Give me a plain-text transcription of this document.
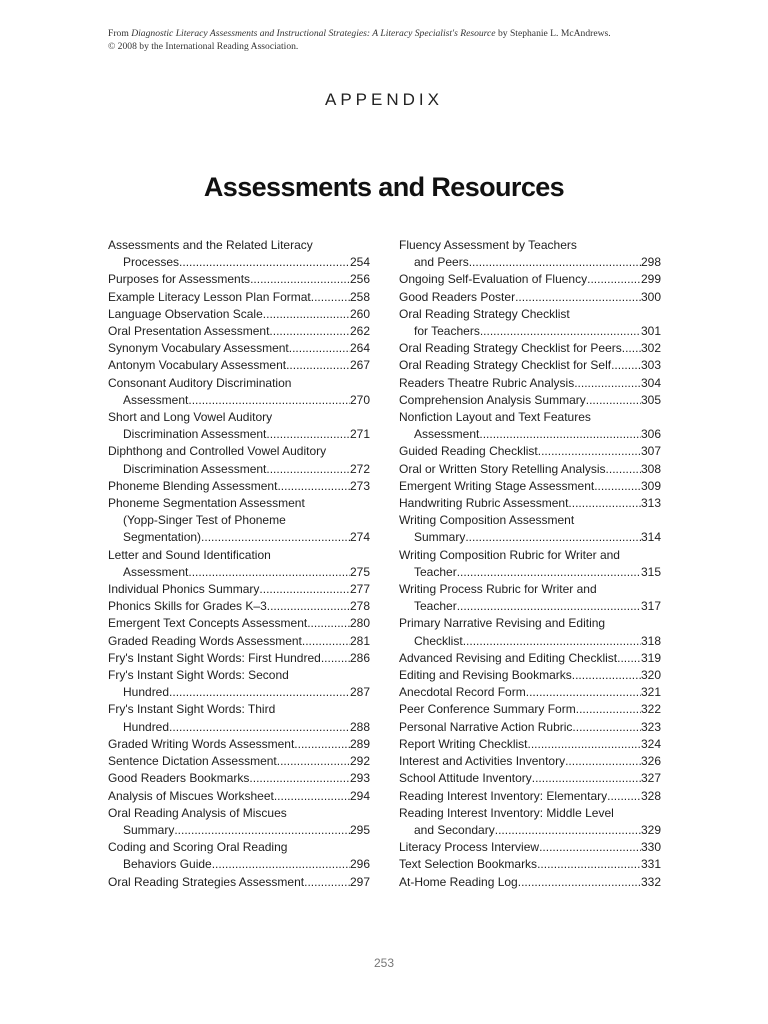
From Diagnostic Literacy Assessments and Instructional Strategies: A Literacy Specialist's Resource by Stephanie L. McAndrews.
© 2008 by the International Reading Association.
APPENDIX
Assessments and Resources
Assessments and the Related Literacy
Processes .....	254
Purposes for Assessments .....	256
Example Literacy Lesson Plan Format .....	258
Language Observation Scale .....	260
Oral Presentation Assessment .....	262
Synonym Vocabulary Assessment .....	264
Antonym Vocabulary Assessment .....	267
Consonant Auditory Discrimination
Assessment .....	270
Short and Long Vowel Auditory
Discrimination Assessment .....	271
Diphthong and Controlled Vowel Auditory
Discrimination Assessment .....	272
Phoneme Blending Assessment .....	273
Phoneme Segmentation Assessment
(Yopp-Singer Test of Phoneme
Segmentation) .....	274
Letter and Sound Identification
Assessment .....	275
Individual Phonics Summary .....	277
Phonics Skills for Grades K–3 .....	278
Emergent Text Concepts Assessment .....	280
Graded Reading Words Assessment .....	281
Fry's Instant Sight Words: First Hundred ..... 286
Fry's Instant Sight Words: Second
Hundred .....	287
Fry's Instant Sight Words: Third
Hundred .....	288
Graded Writing Words Assessment .....	289
Sentence Dictation Assessment .....	292
Good Readers Bookmarks .....	293
Analysis of Miscues Worksheet .....	294
Oral Reading Analysis of Miscues
Summary .....	295
Coding and Scoring Oral Reading
Behaviors Guide .....	296
Oral Reading Strategies Assessment .....	297
Fluency Assessment by Teachers
and Peers .....	298
Ongoing Self-Evaluation of Fluency .....	299
Good Readers Poster .....	300
Oral Reading Strategy Checklist
for Teachers .....	301
Oral Reading Strategy Checklist for Peers ..... 302
Oral Reading Strategy Checklist for Self ..... 303
Readers Theatre Rubric Analysis .....	304
Comprehension Analysis Summary .....	305
Nonfiction Layout and Text Features
Assessment .....	306
Guided Reading Checklist .....	307
Oral or Written Story Retelling Analysis .....	308
Emergent Writing Stage Assessment .....	309
Handwriting Rubric Assessment .....	313
Writing Composition Assessment
Summary .....	314
Writing Composition Rubric for Writer and
Teacher .....	315
Writing Process Rubric for Writer and
Teacher .....	317
Primary Narrative Revising and Editing
Checklist .....	318
Advanced Revising and Editing Checklist ..... 319
Editing and Revising Bookmarks .....	320
Anecdotal Record Form .....	321
Peer Conference Summary Form .....	322
Personal Narrative Action Rubric .....	323
Report Writing Checklist .....	324
Interest and Activities Inventory .....	326
School Attitude Inventory .....	327
Reading Interest Inventory: Elementary .....	328
Reading Interest Inventory: Middle Level
and Secondary .....	329
Literacy Process Interview .....	330
Text Selection Bookmarks .....	331
At-Home Reading Log .....	332
253
